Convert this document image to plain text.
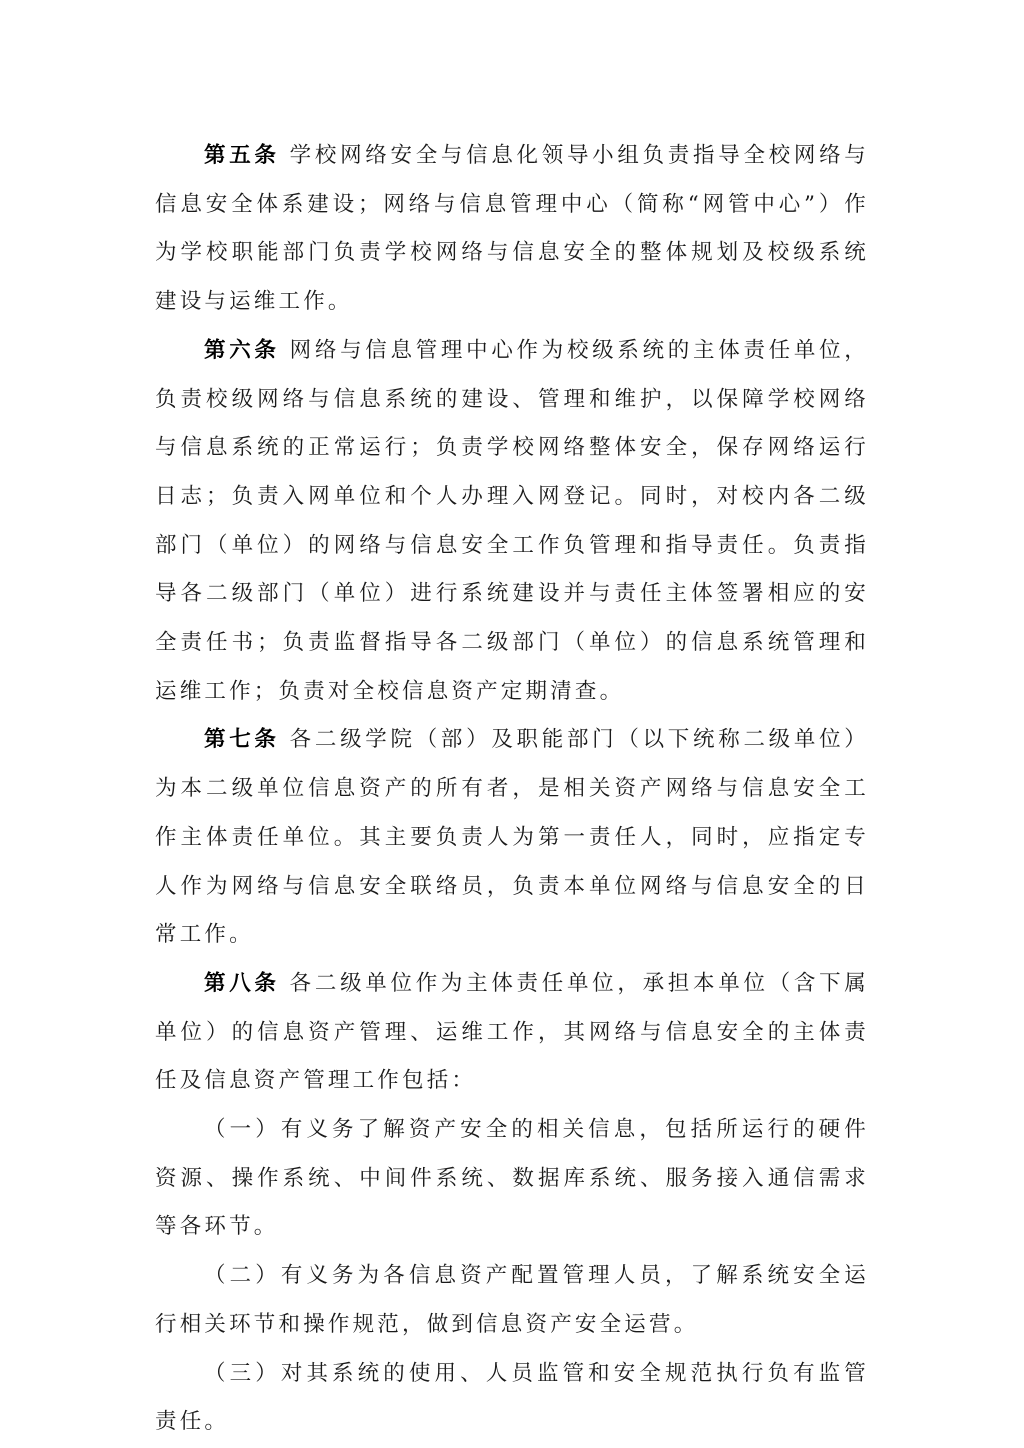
第五条 学校网络安全与信息化领导小组负责指导全校网络与信息安全体系建设；网络与信息管理中心（简称“网管中心”）作为学校职能部门负责学校网络与信息安全的整体规划及校级系统建设与运维工作。

第六条 网络与信息管理中心作为校级系统的主体责任单位，负责校级网络与信息系统的建设、管理和维护，以保障学校网络与信息系统的正常运行；负责学校网络整体安全，保存网络运行日志；负责入网单位和个人办理入网登记。同时，对校内各二级部门（单位）的网络与信息安全工作负管理和指导责任。负责指导各二级部门（单位）进行系统建设并与责任主体签署相应的安全责任书；负责监督指导各二级部门（单位）的信息系统管理和运维工作；负责对全校信息资产定期清查。

第七条 各二级学院（部）及职能部门（以下统称二级单位）为本二级单位信息资产的所有者，是相关资产网络与信息安全工作主体责任单位。其主要负责人为第一责任人，同时，应指定专人作为网络与信息安全联络员，负责本单位网络与信息安全的日常工作。

第八条 各二级单位作为主体责任单位，承担本单位（含下属单位）的信息资产管理、运维工作，其网络与信息安全的主体责任及信息资产管理工作包括：

（一）有义务了解资产安全的相关信息，包括所运行的硬件资源、操作系统、中间件系统、数据库系统、服务接入通信需求等各环节。

（二）有义务为各信息资产配置管理人员，了解系统安全运行相关环节和操作规范，做到信息资产安全运营。

（三）对其系统的使用、人员监管和安全规范执行负有监管责任。
